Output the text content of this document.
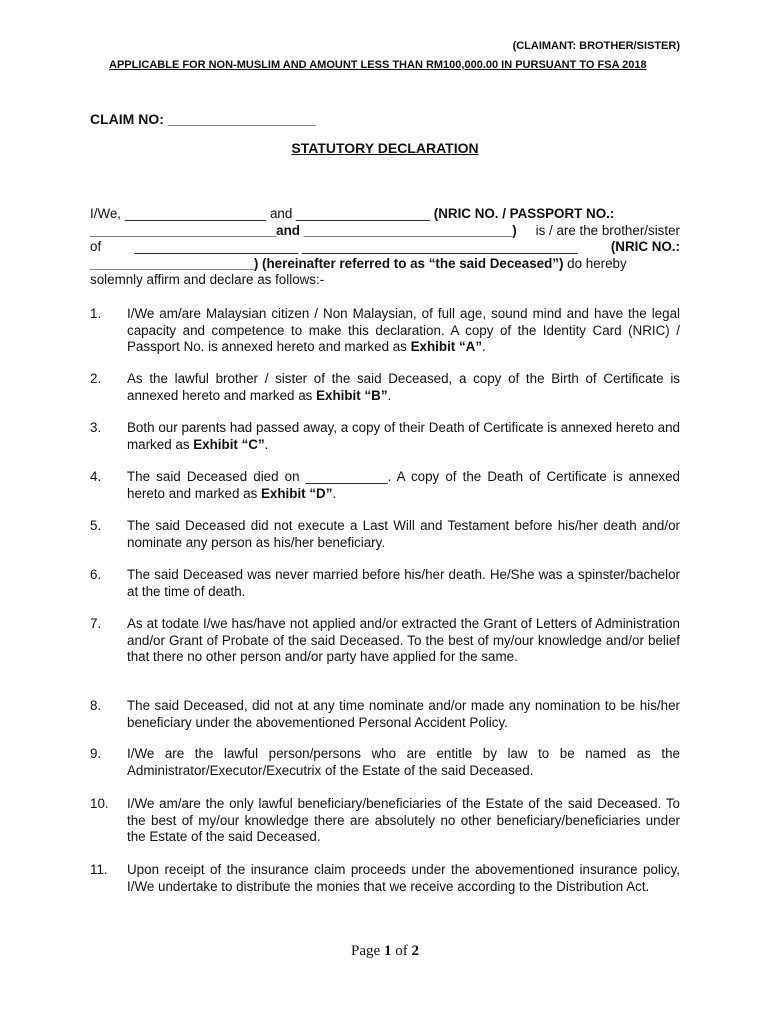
(CLAIMANT: BROTHER/SISTER)
APPLICABLE FOR NON-MUSLIM AND AMOUNT LESS THAN RM100,000.00 IN PURSUANT TO FSA 2018
CLAIM NO: ___________________
STATUTORY DECLARATION
I/We, ___________________ and __________________ (NRIC NO. / PASSPORT NO.:
_________________________and ____________________________) is / are the brother/sister
of ______________________ _____________________________________ (NRIC NO.:
______________________) (hereinafter referred to as “the said Deceased”) do hereby
solemnly affirm and declare as follows:-
1. I/We am/are Malaysian citizen / Non Malaysian, of full age, sound mind and have the legal capacity and competence to make this declaration. A copy of the Identity Card (NRIC) / Passport No. is annexed hereto and marked as Exhibit “A”.
2. As the lawful brother / sister of the said Deceased, a copy of the Birth of Certificate is annexed hereto and marked as Exhibit “B”.
3. Both our parents had passed away, a copy of their Death of Certificate is annexed hereto and marked as Exhibit “C”.
4. The said Deceased died on ___________. A copy of the Death of Certificate is annexed hereto and marked as Exhibit “D”.
5. The said Deceased did not execute a Last Will and Testament before his/her death and/or nominate any person as his/her beneficiary.
6. The said Deceased was never married before his/her death. He/She was a spinster/bachelor at the time of death.
7. As at todate I/we has/have not applied and/or extracted the Grant of Letters of Administration and/or Grant of Probate of the said Deceased. To the best of my/our knowledge and/or belief that there no other person and/or party have applied for the same.
8. The said Deceased, did not at any time nominate and/or made any nomination to be his/her beneficiary under the abovementioned Personal Accident Policy.
9. I/We are the lawful person/persons who are entitle by law to be named as the Administrator/Executor/Executrix of the Estate of the said Deceased.
10. I/We am/are the only lawful beneficiary/beneficiaries of the Estate of the said Deceased. To the best of my/our knowledge there are absolutely no other beneficiary/beneficiaries under the Estate of the said Deceased.
11. Upon receipt of the insurance claim proceeds under the abovementioned insurance policy, I/We undertake to distribute the monies that we receive according to the Distribution Act.
Page 1 of 2
